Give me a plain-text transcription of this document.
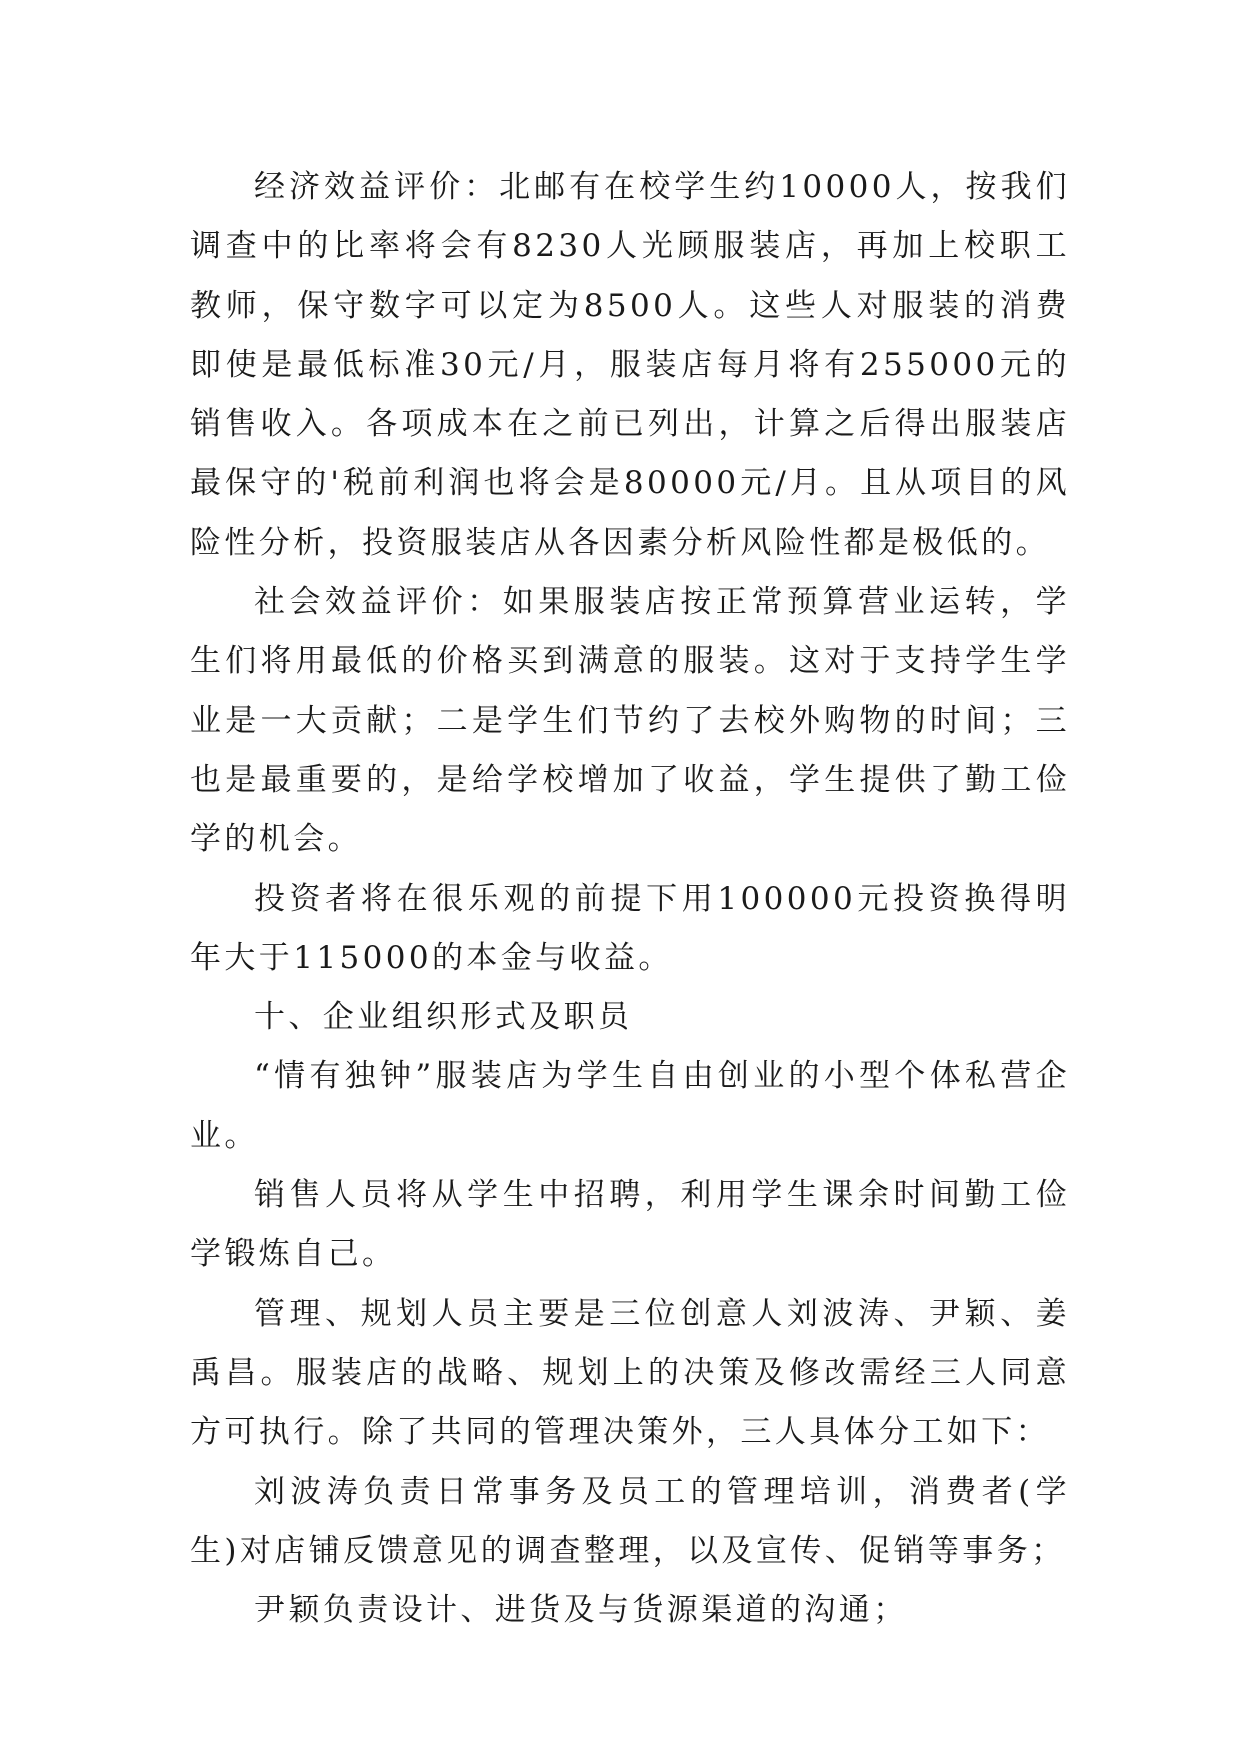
经济效益评价：北邮有在校学生约10000人，按我们调查中的比率将会有8230人光顾服装店，再加上校职工教师，保守数字可以定为8500人。这些人对服装的消费即使是最低标准30元/月，服装店每月将有255000元的销售收入。各项成本在之前已列出，计算之后得出服装店最保守的'税前利润也将会是80000元/月。且从项目的风险性分析，投资服装店从各因素分析风险性都是极低的。

社会效益评价：如果服装店按正常预算营业运转，学生们将用最低的价格买到满意的服装。这对于支持学生学业是一大贡献；二是学生们节约了去校外购物的时间；三也是最重要的，是给学校增加了收益，学生提供了勤工俭学的机会。

投资者将在很乐观的前提下用100000元投资换得明年大于115000的本金与收益。

十、企业组织形式及职员

“情有独钟”服装店为学生自由创业的小型个体私营企业。

销售人员将从学生中招聘，利用学生课余时间勤工俭学锻炼自己。

管理、规划人员主要是三位创意人刘波涛、尹颖、姜禹昌。服装店的战略、规划上的决策及修改需经三人同意方可执行。除了共同的管理决策外，三人具体分工如下：

刘波涛负责日常事务及员工的管理培训，消费者(学生)对店铺反馈意见的调查整理，以及宣传、促销等事务；

尹颖负责设计、进货及与货源渠道的沟通；
